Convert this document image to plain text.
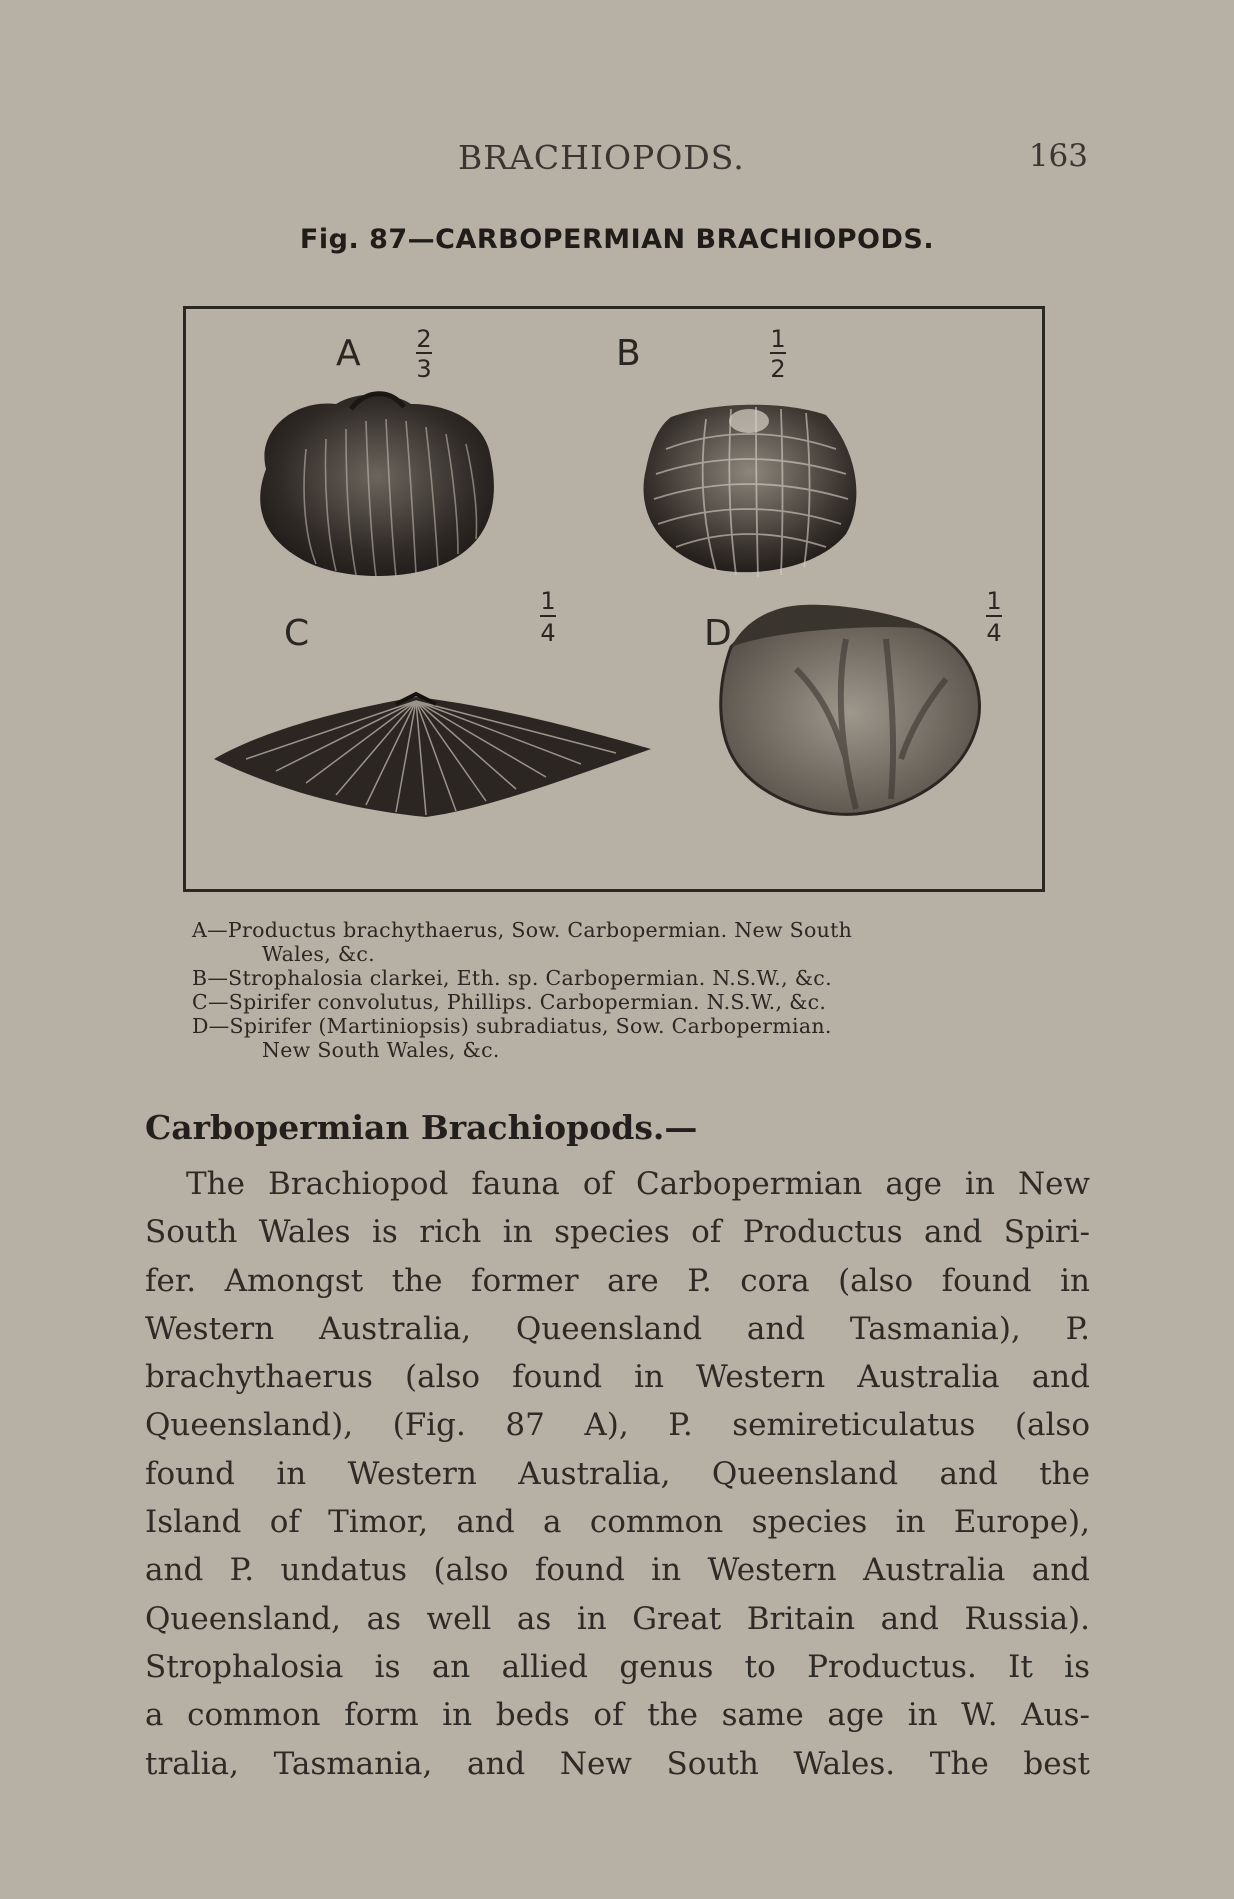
BRACHIOPODS.	163
Fig. 87—CARBOPERMIAN BRACHIOPODS.
A 2
3	B	1
2
C
1
4	D
1
4
A—Productus brachythaerus, Sow. Carbopermian. New South
Wales, &c.
B—Strophalosia clarkei, Eth. sp. Carbopermian. N.S.W., &c.
C—Spirifer convolutus, Phillips. Carbopermian. N.S.W., &c.
D—Spirifer (Martiniopsis) subradiatus, Sow. Carbopermian.
New South Wales, &c.
Carbopermian Brachiopods.—
The Brachiopod fauna of Carbopermian age in New
South Wales is rich in species of Productus and Spiri-
fer. Amongst the former are P. cora (also found in
Western Australia, Queensland and Tasmania), P.
brachythaerus (also found in Western Australia and
Queensland), (Fig. 87 A), P. semireticulatus (also
found in Western Australia, Queensland and the
Island of Timor, and a common species in Europe),
and P. undatus (also found in Western Australia and
Queensland, as well as in Great Britain and Russia).
Strophalosia is an allied genus to Productus. It is
a common form in beds of the same age in W. Aus-
tralia, Tasmania, and New South Wales. The best
